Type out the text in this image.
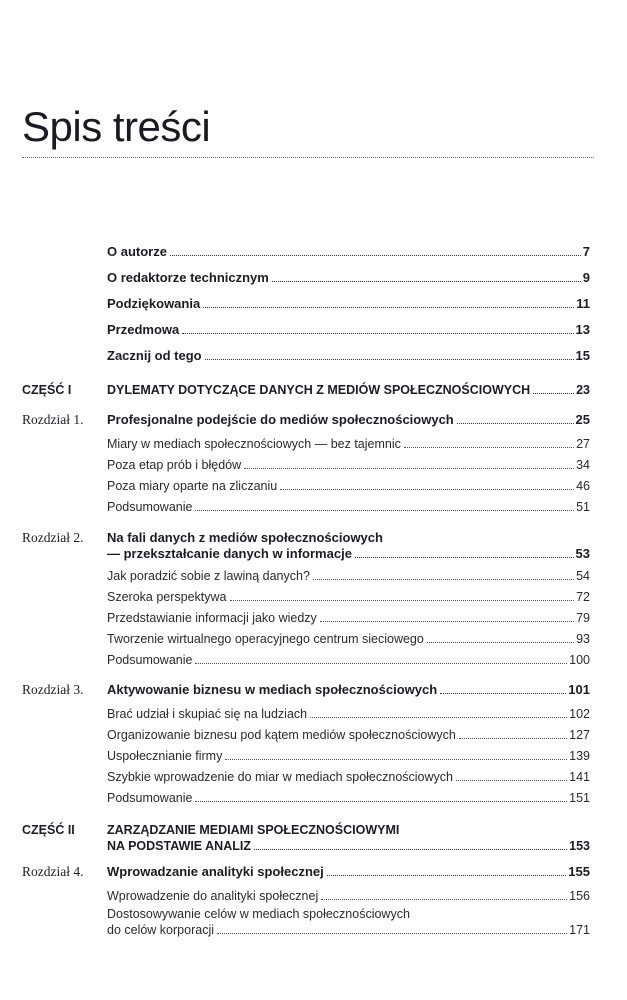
Spis treści
O autorze	7
O redaktorze technicznym	9
Podziękowania	11
Przedmowa	13
Zacznij od tego	15
CZĘŚĆ I	DYLEMATY DOTYCZĄCE DANYCH Z MEDIÓW SPOŁECZNOŚCIOWYCH	23
Rozdział 1. Profesjonalne podejście do mediów społecznościowych	25
Miary w mediach społecznościowych — bez tajemnic	27
Poza etap prób i błędów	34
Poza miary oparte na zliczaniu	46
Podsumowanie	51
Rozdział 2. Na fali danych z mediów społecznościowych
— przekształcanie danych w informacje	53
Jak poradzić sobie z lawiną danych?	54
Szeroka perspektywa	72
Przedstawianie informacji jako wiedzy	79
Tworzenie wirtualnego operacyjnego centrum sieciowego	93
Podsumowanie	100
Rozdział 3. Aktywowanie biznesu w mediach społecznościowych	101
Brać udział i skupiać się na ludziach	102
Organizowanie biznesu pod kątem mediów społecznościowych	127
Uspołecznianie firmy	139
Szybkie wprowadzenie do miar w mediach społecznościowych	141
Podsumowanie	151
CZĘŚĆ II	ZARZĄDZANIE MEDIAMI SPOŁECZNOŚCIOWYMI
NA PODSTAWIE ANALIZ	153
Rozdział 4. Wprowadzanie analityki społecznej	155
Wprowadzenie do analityki społecznej	156
Dostosowywanie celów w mediach społecznościowych
do celów korporacji	171
